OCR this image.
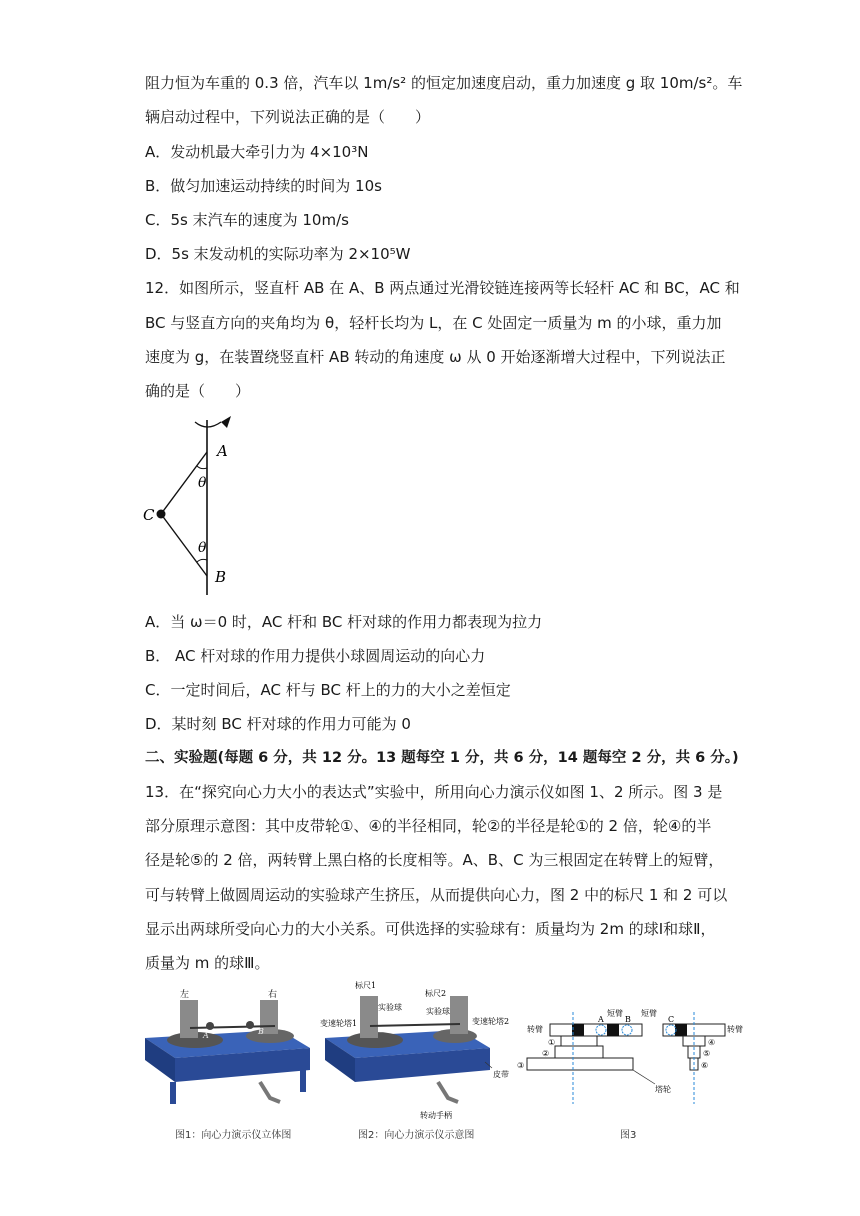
阻力恒为车重的 0.3 倍，汽车以 1m/s² 的恒定加速度启动，重力加速度 g 取 10m/s²。车
辆启动过程中，下列说法正确的是（　　）
A．发动机最大牵引力为 4×10³N
B．做匀加速运动持续的时间为 10s
C．5s 末汽车的速度为 10m/s
D．5s 末发动机的实际功率为 2×10⁵W
12．如图所示，竖直杆 AB 在 A、B 两点通过光滑铰链连接两等长轻杆 AC 和 BC，AC 和
BC 与竖直方向的夹角均为 θ，轻杆长均为 L，在 C 处固定一质量为 m 的小球，重力加
速度为 g，在装置绕竖直杆 AB 转动的角速度 ω 从 0 开始逐渐增大过程中，下列说法正
确的是（　　）
A
B
C
θ
θ
A．当 ω＝0 时，AC 杆和 BC 杆对球的作用力都表现为拉力
B． AC 杆对球的作用力提供小球圆周运动的向心力
C．一定时间后，AC 杆与 BC 杆上的力的大小之差恒定
D．某时刻 BC 杆对球的作用力可能为 0
二、实验题(每题 6 分，共 12 分。13 题每空 1 分，共 6 分，14 题每空 2 分，共 6 分。)
13．在“探究向心力大小的表达式”实验中，所用向心力演示仪如图 1、2 所示。图 3 是
部分原理示意图：其中皮带轮①、④的半径相同，轮②的半径是轮①的 2 倍，轮④的半
径是轮⑤的 2 倍，两转臂上黑白格的长度相等。A、B、C 为三根固定在转臂上的短臂，
可与转臂上做圆周运动的实验球产生挤压，从而提供向心力，图 2 中的标尺 1 和 2 可以
显示出两球所受向心力的大小关系。可供选择的实验球有：质量均为 2m 的球Ⅰ和球Ⅱ，
质量为 m 的球Ⅲ。
左	右
A	B
图1：向心力演示仪立体图
标尺1
标尺2
实验球	实验球
变速轮塔1	变速轮塔2
皮带
转动手柄
图2：向心力演示仪示意图
转臂	转臂
短臂 短臂
A	B	C
①
②
③
④
⑤
⑥
塔轮
图3
